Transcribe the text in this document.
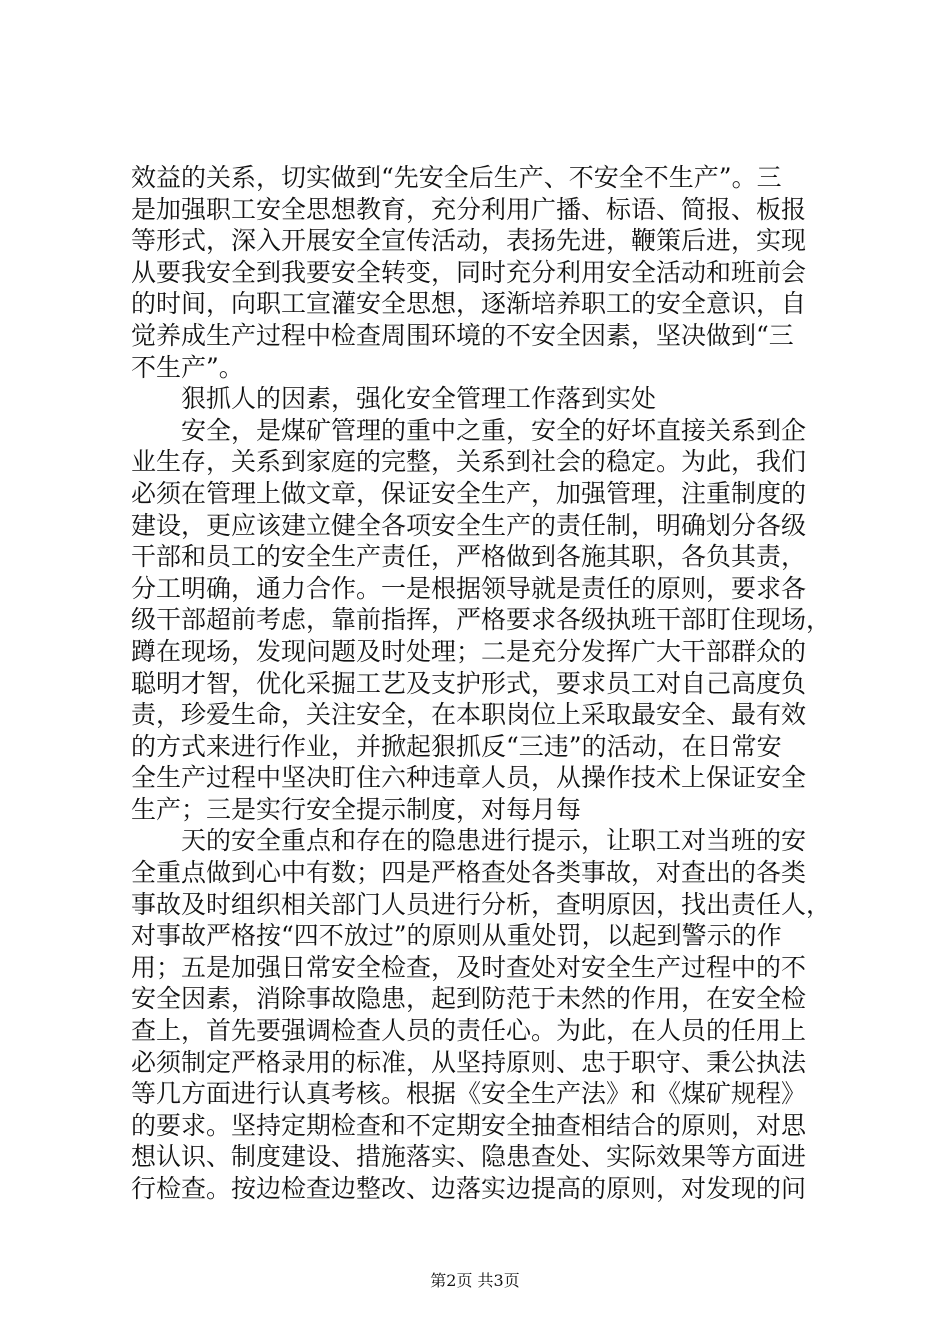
效益的关系，切实做到“先安全后生产、不安全不生产”。三
是加强职工安全思想教育，充分利用广播、标语、简报、板报
等形式，深入开展安全宣传活动，表扬先进，鞭策后进，实现
从要我安全到我要安全转变，同时充分利用安全活动和班前会
的时间，向职工宣灌安全思想，逐渐培养职工的安全意识，自
觉养成生产过程中检查周围环境的不安全因素，坚决做到“三
不生产”。
狠抓人的因素，强化安全管理工作落到实处
安全，是煤矿管理的重中之重，安全的好坏直接关系到企
业生存，关系到家庭的完整，关系到社会的稳定。为此，我们
必须在管理上做文章，保证安全生产，加强管理，注重制度的
建设，更应该建立健全各项安全生产的责任制，明确划分各级
干部和员工的安全生产责任，严格做到各施其职，各负其责，
分工明确，通力合作。一是根据领导就是责任的原则，要求各
级干部超前考虑，靠前指挥，严格要求各级执班干部盯住现场，
蹲在现场，发现问题及时处理；二是充分发挥广大干部群众的
聪明才智，优化采掘工艺及支护形式，要求员工对自己高度负
责，珍爱生命，关注安全，在本职岗位上采取最安全、最有效
的方式来进行作业，并掀起狠抓反“三违”的活动，在日常安
全生产过程中坚决盯住六种违章人员，从操作技术上保证安全
生产；三是实行安全提示制度，对每月每
天的安全重点和存在的隐患进行提示，让职工对当班的安
全重点做到心中有数；四是严格查处各类事故，对查出的各类
事故及时组织相关部门人员进行分析，查明原因，找出责任人，
对事故严格按“四不放过”的原则从重处罚，以起到警示的作
用；五是加强日常安全检查，及时查处对安全生产过程中的不
安全因素，消除事故隐患，起到防范于未然的作用，在安全检
查上，首先要强调检查人员的责任心。为此，在人员的任用上
必须制定严格录用的标准，从坚持原则、忠于职守、秉公执法
等几方面进行认真考核。根据《安全生产法》和《煤矿规程》
的要求。坚持定期检查和不定期安全抽查相结合的原则，对思
想认识、制度建设、措施落实、隐患查处、实际效果等方面进
行检查。按边检查边整改、边落实边提高的原则，对发现的问
第2页 共3页
